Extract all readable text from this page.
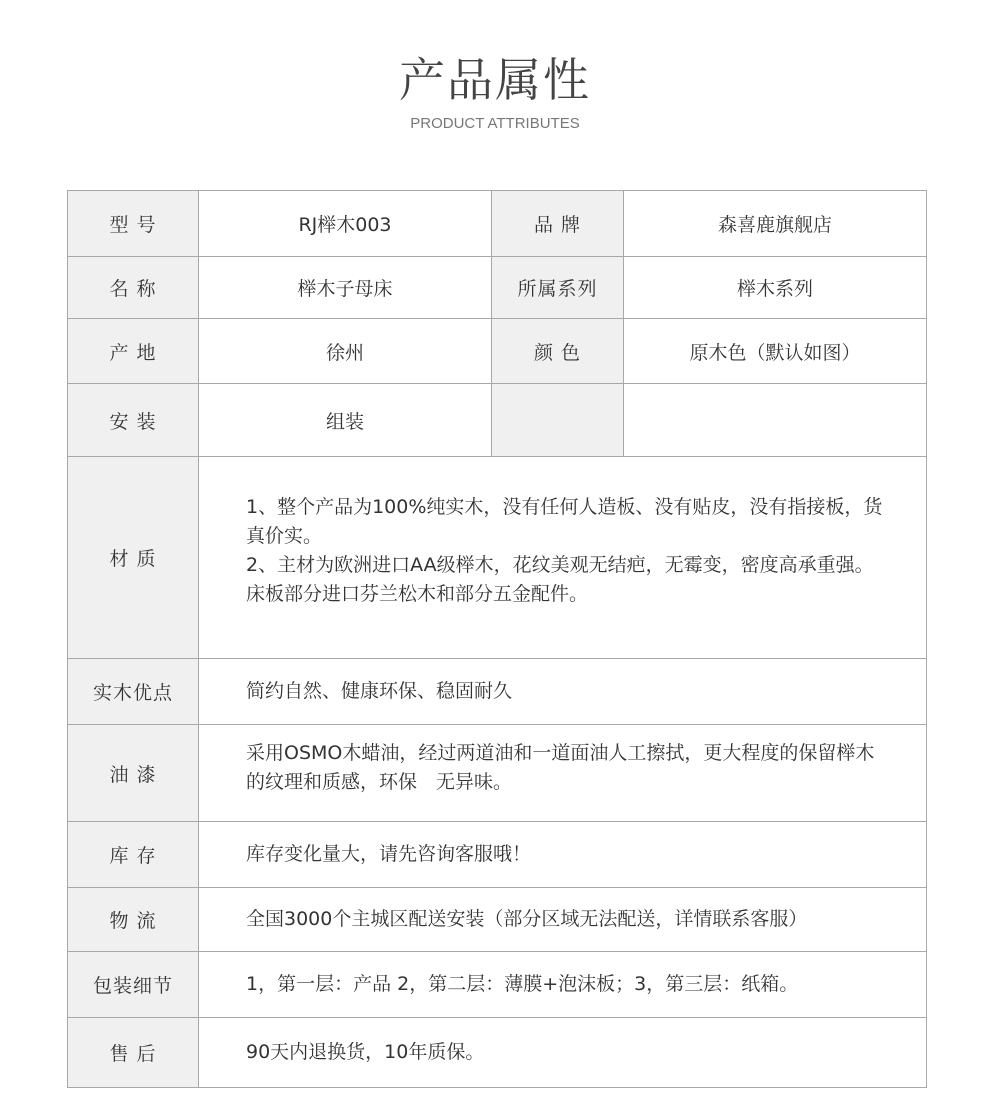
产品属性
PRODUCT ATTRIBUTES
型 号	RJ榉木003	品 牌	森喜鹿旗舰店
名 称	榉木子母床	所属系列	榉木系列
产 地	徐州	颜 色	原木色（默认如图）
安 装	组装		
材 质	1、整个产品为100%纯实木，没有任何人造板、没有贴皮，没有指接板，货真价实。
2、主材为欧洲进口AA级榉木，花纹美观无结疤，无霉变，密度高承重强。床板部分进口芬兰松木和部分五金配件。		

实木优点	简约自然、健康环保、稳固耐久		
油 漆	采用OSMO木蜡油，经过两道油和一道面油人工擦拭，更大程度的保留榉木的纹理和质感，环保　无异味。		
库 存	库存变化量大，请先咨询客服哦！		
物 流	全国3000个主城区配送安装（部分区域无法配送，详情联系客服）		
包装细节	1，第一层：产品 2，第二层：薄膜+泡沫板；3，第三层：纸箱。		
售 后	90天内退换货，10年质保。		
